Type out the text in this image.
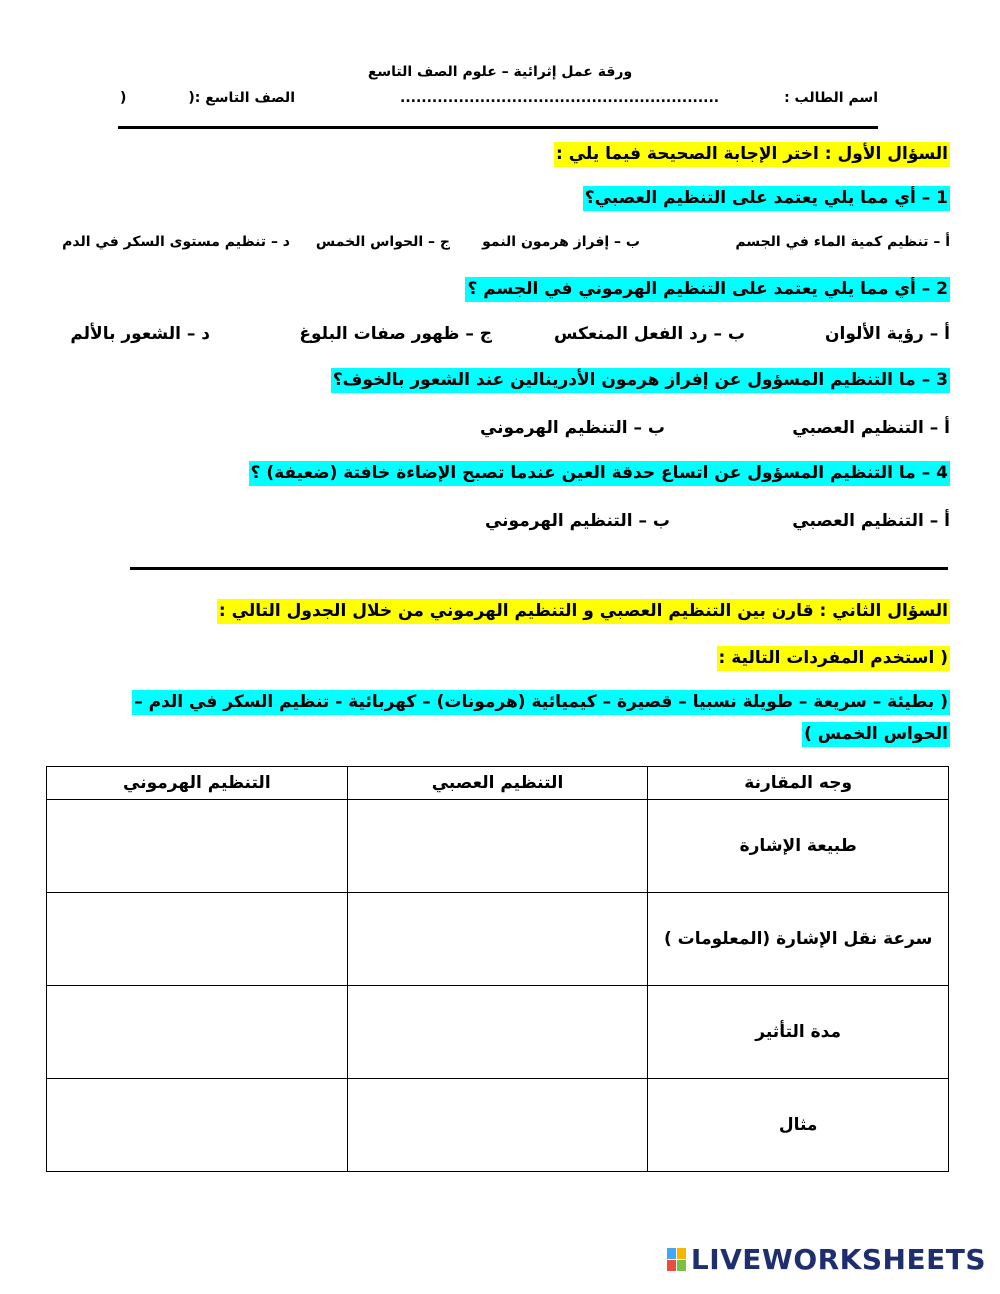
ورقة عمل إثرائية – علوم الصف التاسع
اسم الطالب :
............................................................
الصف التاسع :(
)
السؤال الأول : اختر الإجابة الصحيحة فيما يلي :
1 – أي مما يلي يعتمد على التنظيم العصبي؟
أ – تنظيم كمية الماء في الجسم
ب – إفراز هرمون النمو
ج – الحواس الخمس
د – تنظيم مستوى السكر في الدم
2 – أي مما يلي يعتمد على التنظيم الهرموني في الجسم ؟
أ – رؤية الألوان
ب – رد الفعل المنعكس
ج – ظهور صفات البلوغ
د – الشعور بالألم
3 – ما التنظيم المسؤول عن إفراز هرمون الأدرينالين عند الشعور بالخوف؟
أ – التنظيم العصبي
ب – التنظيم الهرموني
4 – ما التنظيم المسؤول عن اتساع حدقة العين عندما تصبح الإضاءة خافتة (ضعيفة) ؟
أ – التنظيم العصبي
ب – التنظيم الهرموني
السؤال الثاني : قارن بين التنظيم العصبي و التنظيم الهرموني من خلال الجدول التالي :
( استخدم المفردات التالية :
( بطيئة – سريعة – طويلة نسبيا – قصيرة – كيميائية (هرمونات) – كهربائية - تنظيم السكر في الدم –
الحواس الخمس )
وجه المقارنة	التنظيم العصبي	التنظيم الهرموني
طبيعة الإشارة		
سرعة نقل الإشارة (المعلومات )		
مدة التأثير		
مثال		
LIVEWORKSHEETS
